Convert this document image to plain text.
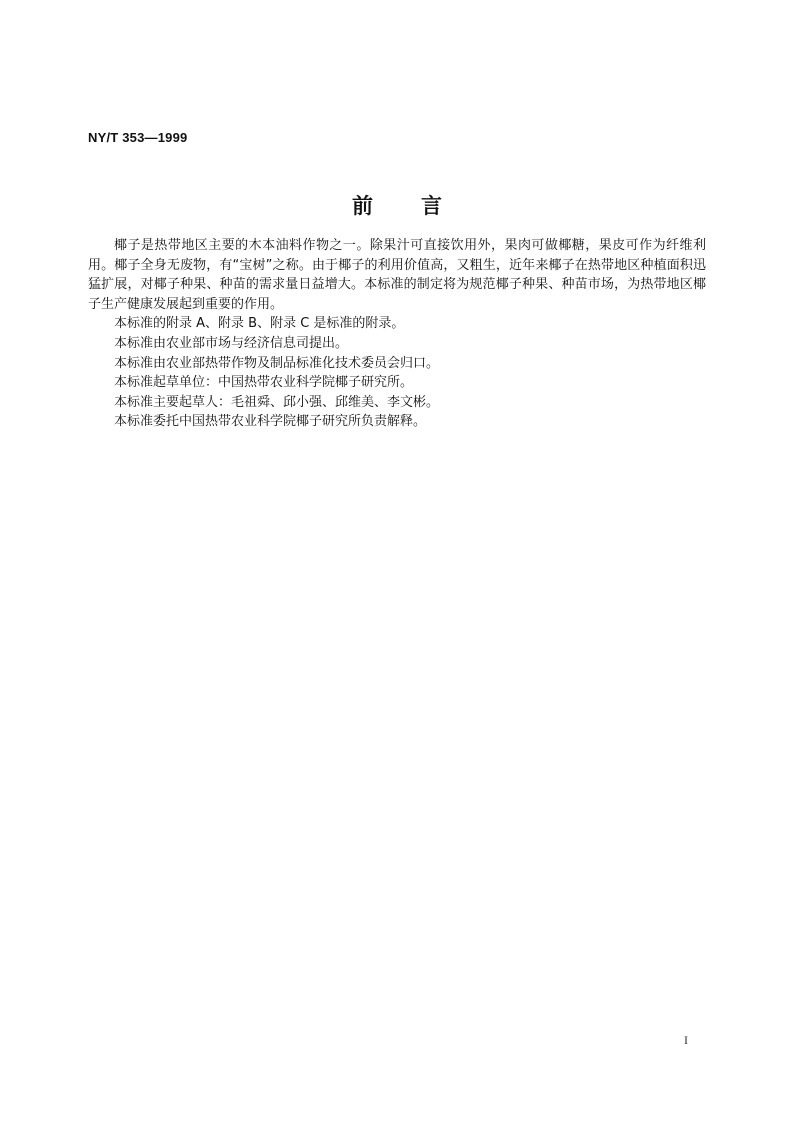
NY/T 353—1999
前 言

椰子是热带地区主要的木本油料作物之一。除果汁可直接饮用外，果肉可做椰糖，果皮可作为纤维利用。椰子全身无废物，有“宝树”之称。由于椰子的利用价值高，又粗生，近年来椰子在热带地区种植面积迅猛扩展，对椰子种果、种苗的需求量日益增大。本标准的制定将为规范椰子种果、种苗市场，为热带地区椰子生产健康发展起到重要的作用。

本标准的附录 A、附录 B、附录 C 是标准的附录。

本标准由农业部市场与经济信息司提出。

本标准由农业部热带作物及制品标准化技术委员会归口。

本标准起草单位：中国热带农业科学院椰子研究所。

本标准主要起草人：毛祖舜、邱小强、邱维美、李文彬。

本标准委托中国热带农业科学院椰子研究所负责解释。

I
